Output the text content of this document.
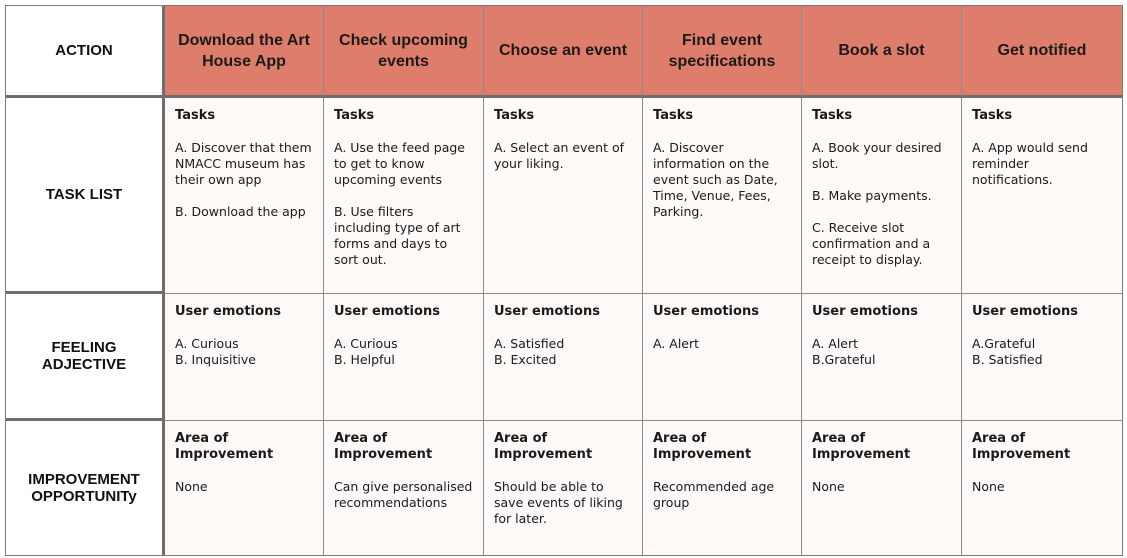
ACTION
Download the Art House App
Check upcoming events
Choose an event
Find event specifications
Book a slot	Get notified
TASK LIST
Tasks
A. Discover that them NMACC museum has their own app
B. Download the app
Tasks
A. Use the feed page to get to know upcoming events
B. Use filters including type of art forms and days to sort out.
Tasks
A. Select an event of your liking.
Tasks
A. Discover information on the event such as Date, Time, Venue, Fees, Parking.
Tasks
A. Book your desired slot.
B. Make payments.
C. Receive slot confirmation and a receipt to display.
Tasks
A. App would send reminder notifications.
FEELING
ADJECTIVE
User emotions
A. Curious
B. Inquisitive
User emotions
A. Curious
B. Helpful
User emotions
A. Satisfied
B. Excited
User emotions
A. Alert
User emotions
A. Alert
B.Grateful
User emotions
A.Grateful
B. Satisfied
IMPROVEMENT
OPPORTUNITy
Area of Improvement
None
Area of Improvement
Can give personalised recommendations
Area of Improvement
Should be able to save events of liking for later.
Area of Improvement
Recommended age group
Area of Improvement
None
Area of Improvement
None
